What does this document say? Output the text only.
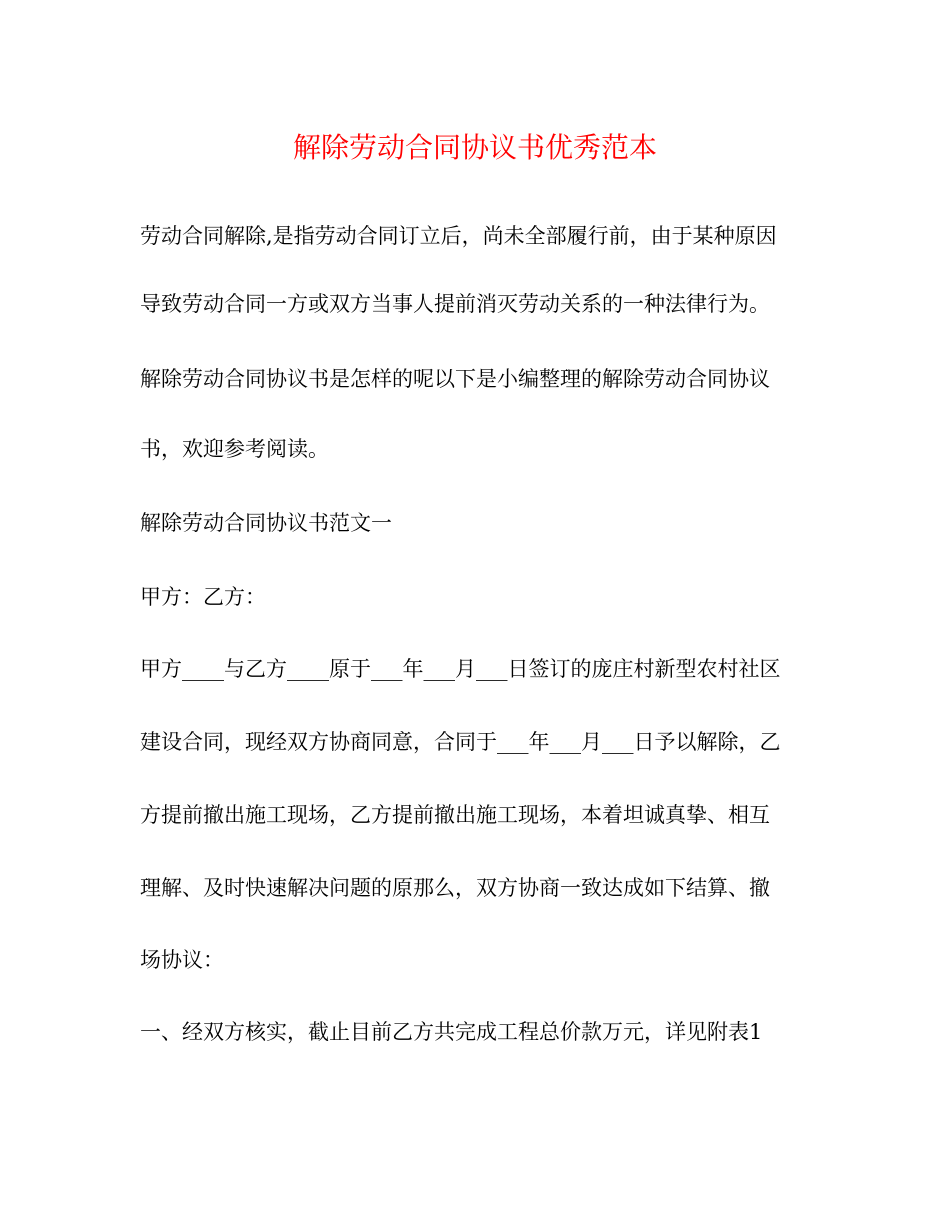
解除劳动合同协议书优秀范本

劳动合同解除,是指劳动合同订立后，尚未全部履行前，由于某种原因

导致劳动合同一方或双方当事人提前消灭劳动关系的一种法律行为。

解除劳动合同协议书是怎样的呢以下是小编整理的解除劳动合同协议

书，欢迎参考阅读。

解除劳动合同协议书范文一

甲方：乙方：

甲方____与乙方____原于___年___月___日签订的庞庄村新型农村社区

建设合同，现经双方协商同意，合同于___年___月___日予以解除，乙

方提前撤出施工现场，乙方提前撤出施工现场，本着坦诚真挚、相互

理解、及时快速解决问题的原那么，双方协商一致达成如下结算、撤

场协议：

一、经双方核实，截止目前乙方共完成工程总价款万元，详见附表1
